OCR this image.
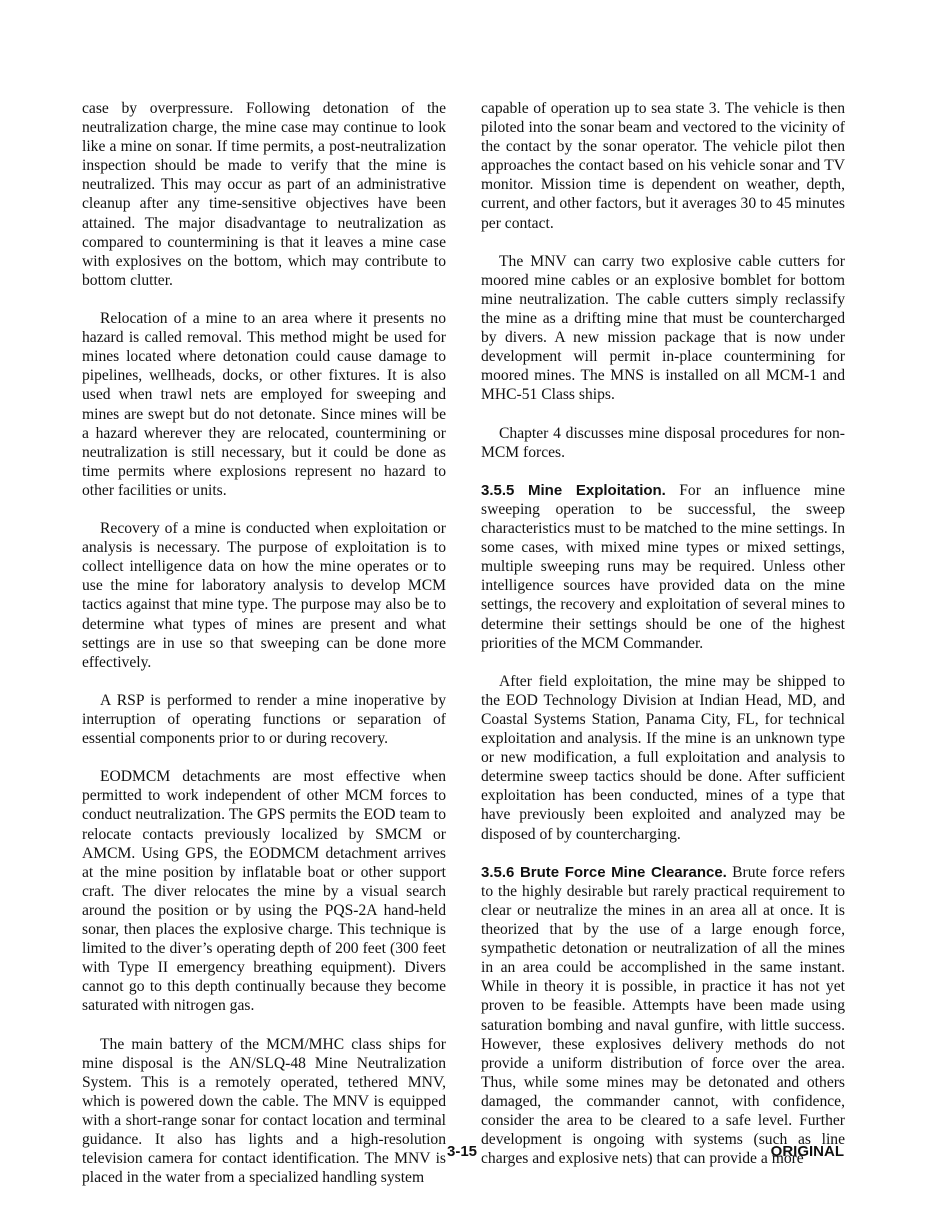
case by overpressure. Following detonation of the neutralization charge, the mine case may continue to look like a mine on sonar. If time permits, a post-neutralization inspection should be made to verify that the mine is neutralized. This may occur as part of an administrative cleanup after any time-sensitive objectives have been attained. The major disadvantage to neutralization as compared to countermining is that it leaves a mine case with explosives on the bottom, which may contribute to bottom clutter.

Relocation of a mine to an area where it presents no hazard is called removal. This method might be used for mines located where detonation could cause damage to pipelines, wellheads, docks, or other fixtures. It is also used when trawl nets are employed for sweeping and mines are swept but do not detonate. Since mines will be a hazard wherever they are relocated, countermining or neutralization is still necessary, but it could be done as time permits where explosions represent no hazard to other facilities or units.

Recovery of a mine is conducted when exploitation or analysis is necessary. The purpose of exploitation is to collect intelligence data on how the mine operates or to use the mine for laboratory analysis to develop MCM tactics against that mine type. The purpose may also be to determine what types of mines are present and what settings are in use so that sweeping can be done more effectively.

A RSP is performed to render a mine inoperative by interruption of operating functions or separation of essential components prior to or during recovery.

EODMCM detachments are most effective when permitted to work independent of other MCM forces to conduct neutralization. The GPS permits the EOD team to relocate contacts previously localized by SMCM or AMCM. Using GPS, the EODMCM detachment arrives at the mine position by inflatable boat or other support craft. The diver relocates the mine by a visual search around the position or by using the PQS-2A hand-held sonar, then places the explosive charge. This technique is limited to the diver’s operating depth of 200 feet (300 feet with Type II emergency breathing equipment). Divers cannot go to this depth continually because they become saturated with nitrogen gas.

The main battery of the MCM/MHC class ships for mine disposal is the AN/SLQ-48 Mine Neutralization System. This is a remotely operated, tethered MNV, which is powered down the cable. The MNV is equipped with a short-range sonar for contact location and terminal guidance. It also has lights and a high-resolution television camera for contact identification. The MNV is placed in the water from a specialized handling system

capable of operation up to sea state 3. The vehicle is then piloted into the sonar beam and vectored to the vicinity of the contact by the sonar operator. The vehicle pilot then approaches the contact based on his vehicle sonar and TV monitor. Mission time is dependent on weather, depth, current, and other factors, but it averages 30 to 45 minutes per contact.

The MNV can carry two explosive cable cutters for moored mine cables or an explosive bomblet for bottom mine neutralization. The cable cutters simply reclassify the mine as a drifting mine that must be countercharged by divers. A new mission package that is now under development will permit in-place countermining for moored mines. The MNS is installed on all MCM-1 and MHC-51 Class ships.

Chapter 4 discusses mine disposal procedures for non-MCM forces.

3.5.5 Mine Exploitation. For an influence mine sweeping operation to be successful, the sweep characteristics must to be matched to the mine settings. In some cases, with mixed mine types or mixed settings, multiple sweeping runs may be required. Unless other intelligence sources have provided data on the mine settings, the recovery and exploitation of several mines to determine their settings should be one of the highest priorities of the MCM Commander.

After field exploitation, the mine may be shipped to the EOD Technology Division at Indian Head, MD, and Coastal Systems Station, Panama City, FL, for technical exploitation and analysis. If the mine is an unknown type or new modification, a full exploitation and analysis to determine sweep tactics should be done. After sufficient exploitation has been conducted, mines of a type that have previously been exploited and analyzed may be disposed of by countercharging.

3.5.6 Brute Force Mine Clearance. Brute force refers to the highly desirable but rarely practical requirement to clear or neutralize the mines in an area all at once. It is theorized that by the use of a large enough force, sympathetic detonation or neutralization of all the mines in an area could be accomplished in the same instant. While in theory it is possible, in practice it has not yet proven to be feasible. Attempts have been made using saturation bombing and naval gunfire, with little success. However, these explosives delivery methods do not provide a uniform distribution of force over the area. Thus, while some mines may be detonated and others damaged, the commander cannot, with confidence, consider the area to be cleared to a safe level. Further development is ongoing with systems (such as line charges and explosive nets) that can provide a more

3-15	ORIGINAL
